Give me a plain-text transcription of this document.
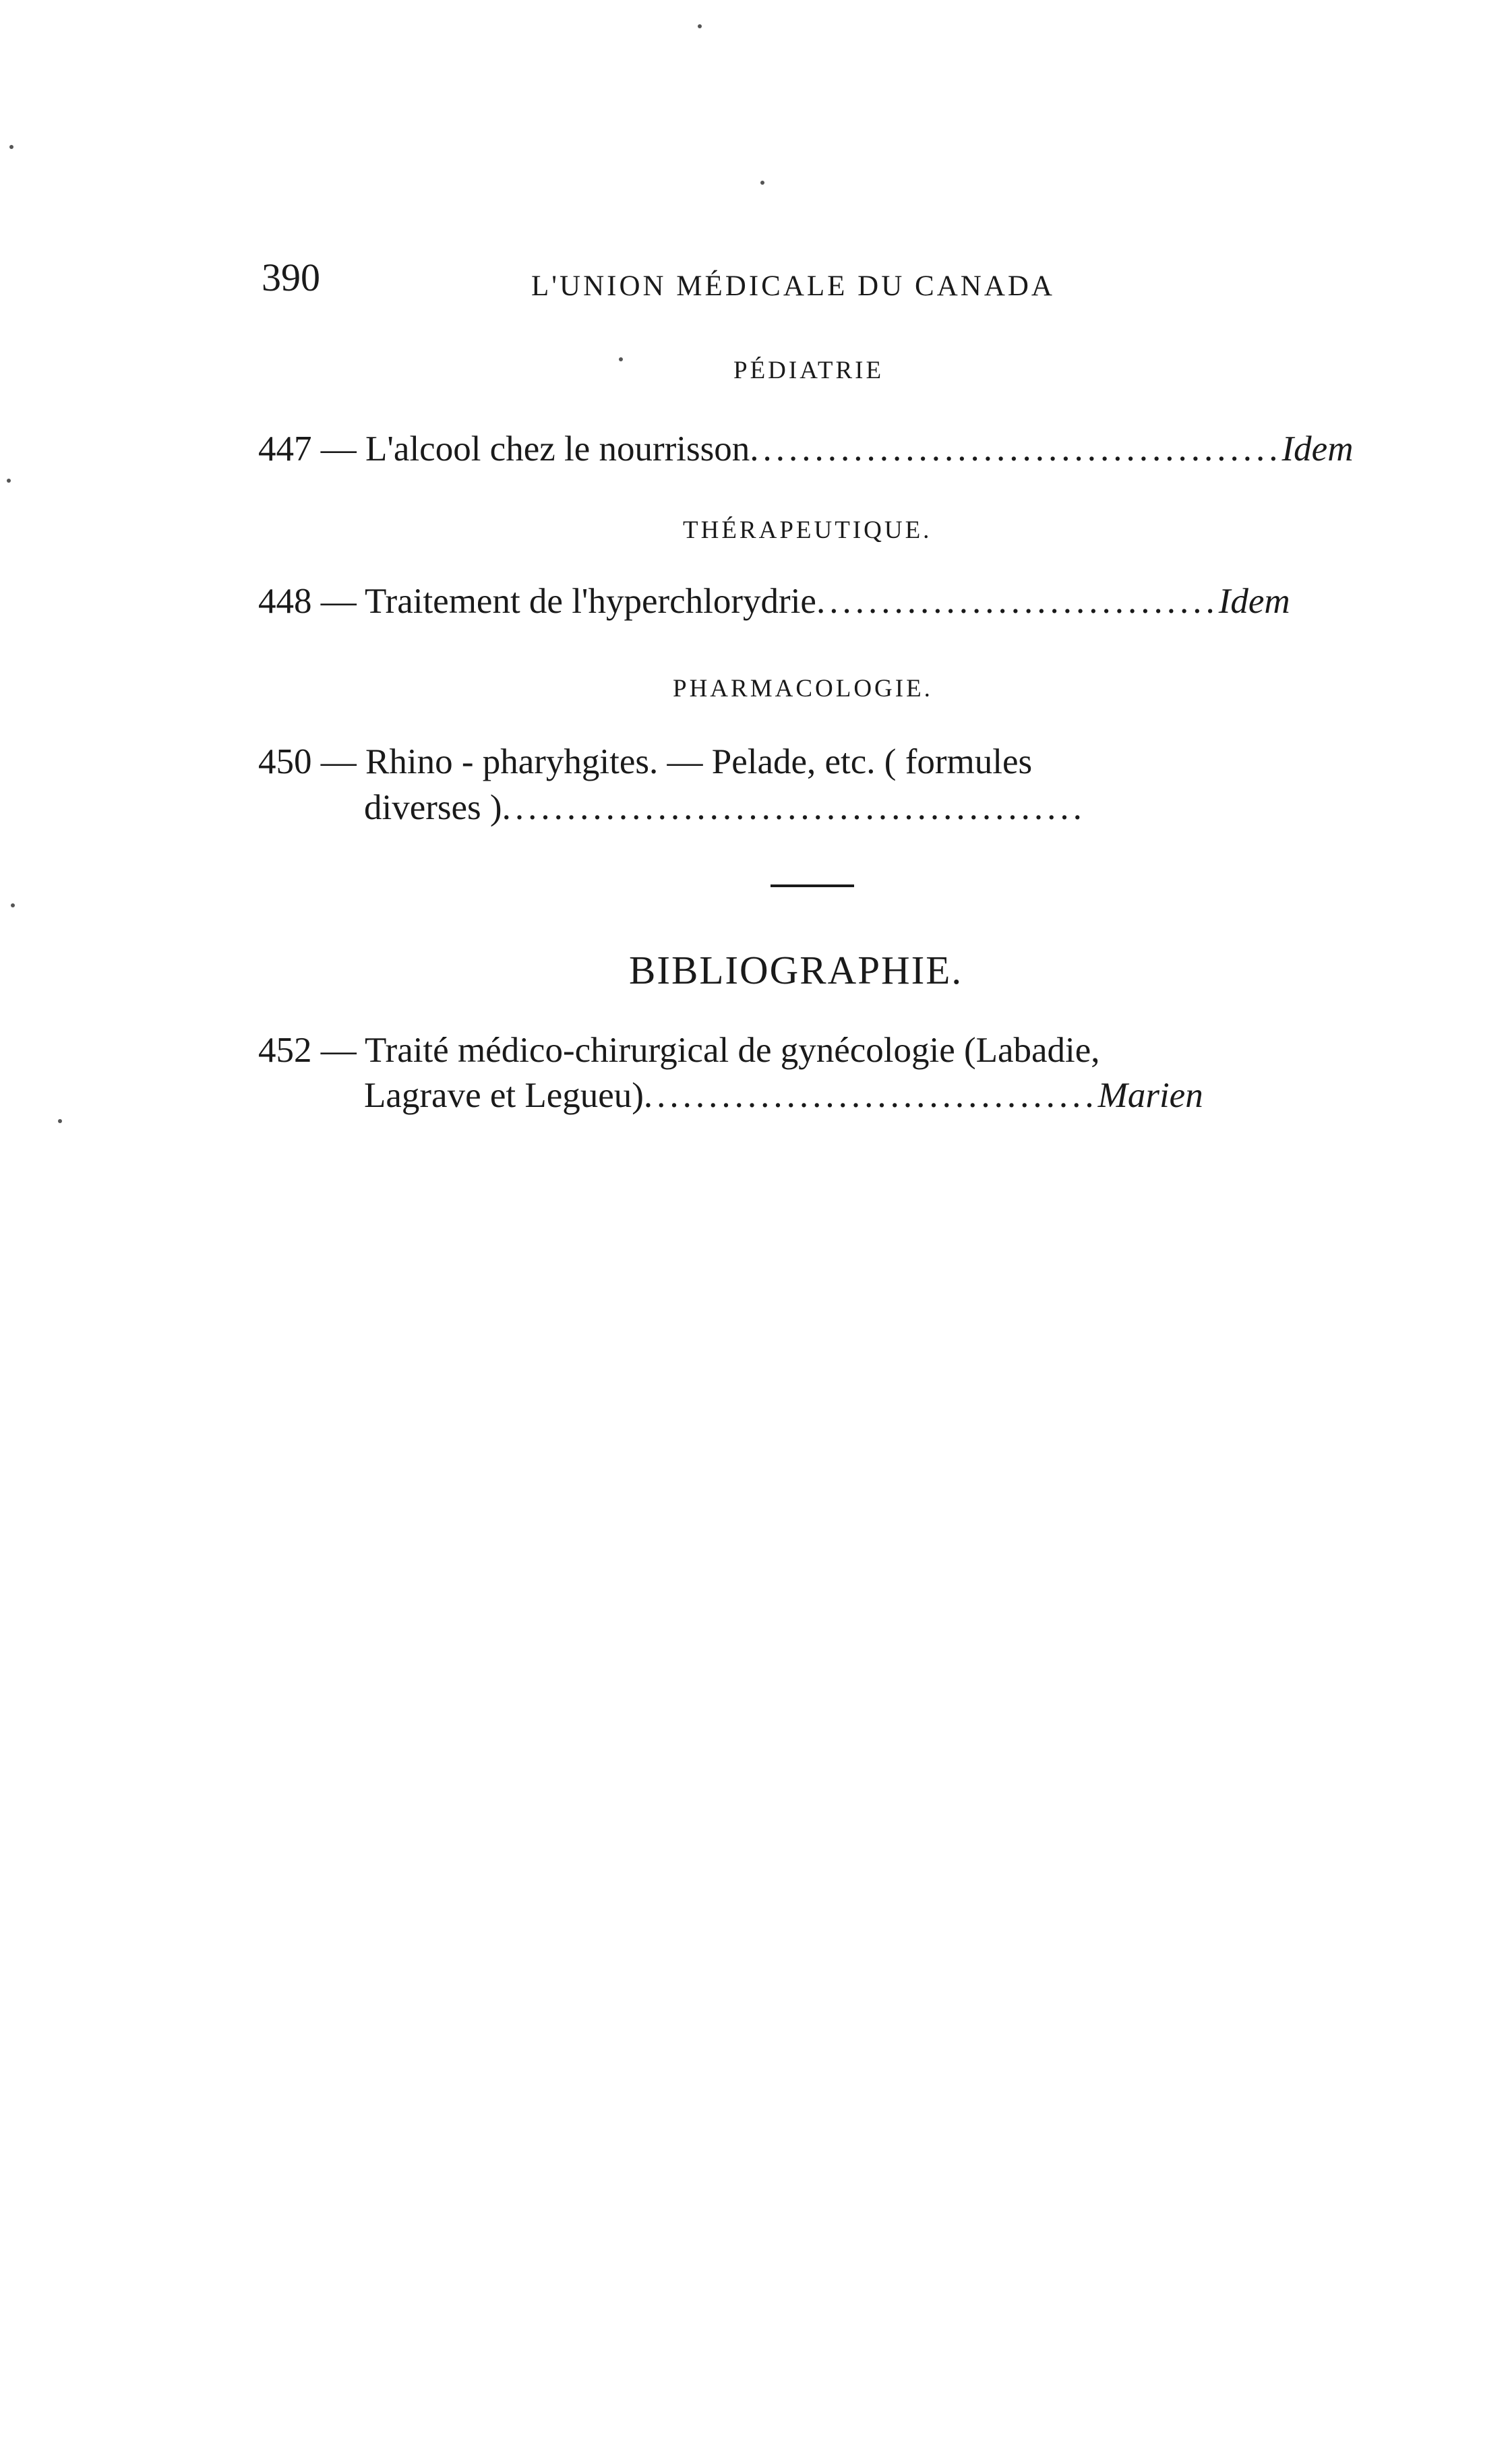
390	L'UNION MÉDICALE DU CANADA
PÉDIATRIE
447 — L'alcool chez le nourrisson.........................................Idem
THÉRAPEUTIQUE.
448 — Traitement de l'hyperchlorydrie...............................Idem
PHARMACOLOGIE.
450 — Rhino - pharyhgites. — Pelade, etc. ( formules
diverses ).............................................
BIBLIOGRAPHIE.
452 — Traité médico-chirurgical de gynécologie (Labadie,
Lagrave et Legueu)...................................Marien
